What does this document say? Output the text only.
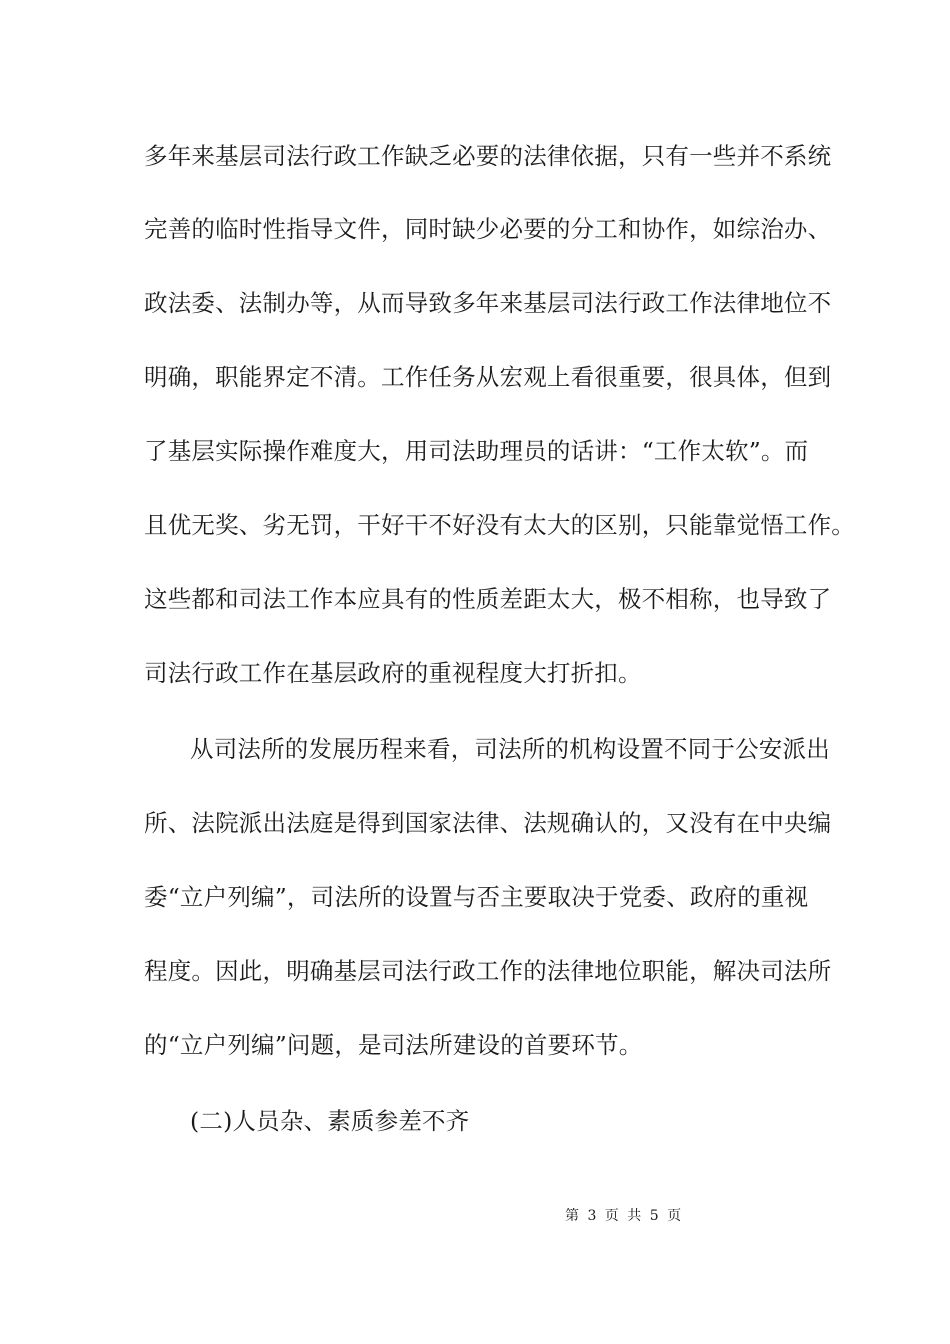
多年来基层司法行政工作缺乏必要的法律依据，只有一些并不系统
完善的临时性指导文件，同时缺少必要的分工和协作，如综治办、
政法委、法制办等，从而导致多年来基层司法行政工作法律地位不
明确，职能界定不清。工作任务从宏观上看很重要，很具体，但到
了基层实际操作难度大，用司法助理员的话讲：“工作太软”。而
且优无奖、劣无罚，干好干不好没有太大的区别，只能靠觉悟工作。
这些都和司法工作本应具有的性质差距太大，极不相称，也导致了
司法行政工作在基层政府的重视程度大打折扣。
从司法所的发展历程来看，司法所的机构设置不同于公安派出
所、法院派出法庭是得到国家法律、法规确认的，又没有在中央编
委“立户列编”，司法所的设置与否主要取决于党委、政府的重视
程度。因此，明确基层司法行政工作的法律地位职能，解决司法所
的“立户列编”问题，是司法所建设的首要环节。
(二)人员杂、素质参差不齐
第 3 页 共 5 页
